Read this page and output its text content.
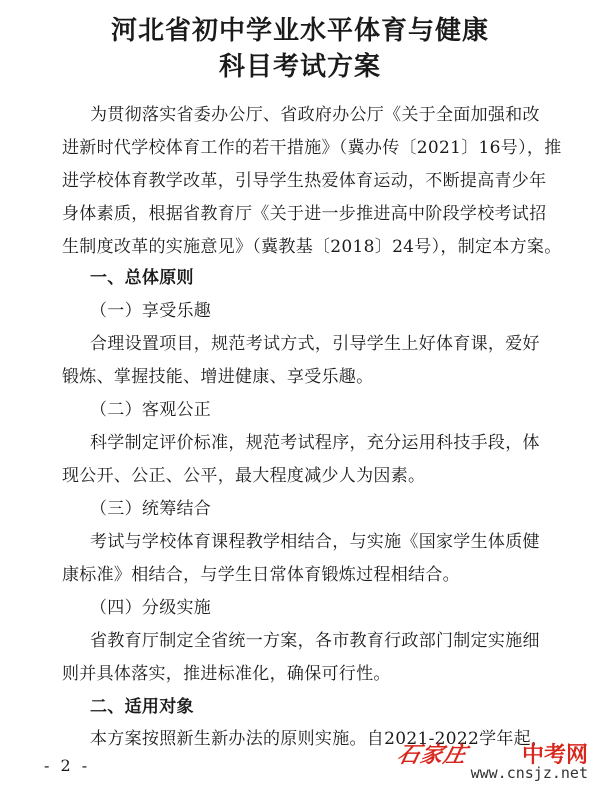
河北省初中学业水平体育与健康
科目考试方案
为贯彻落实省委办公厅、省政府办公厅《关于全面加强和改
进新时代学校体育工作的若干措施》（冀办传〔2021〕16号），推
进学校体育教学改革，引导学生热爱体育运动，不断提高青少年
身体素质，根据省教育厅《关于进一步推进高中阶段学校考试招
生制度改革的实施意见》（冀教基〔2018〕24号），制定本方案。
一、总体原则
（一）享受乐趣
合理设置项目，规范考试方式，引导学生上好体育课，爱好
锻炼、掌握技能、增进健康、享受乐趣。
（二）客观公正
科学制定评价标准，规范考试程序，充分运用科技手段，体
现公开、公正、公平，最大程度减少人为因素。
（三）统筹结合
考试与学校体育课程教学相结合，与实施《国家学生体质健
康标准》相结合，与学生日常体育锻炼过程相结合。
（四）分级实施
省教育厅制定全省统一方案，各市教育行政部门制定实施细
则并具体落实，推进标准化，确保可行性。
二、适用对象
本方案按照新生新办法的原则实施。自2021-2022学年起，
- 2 -	石家庄 中考网
www.cnsjz.net
